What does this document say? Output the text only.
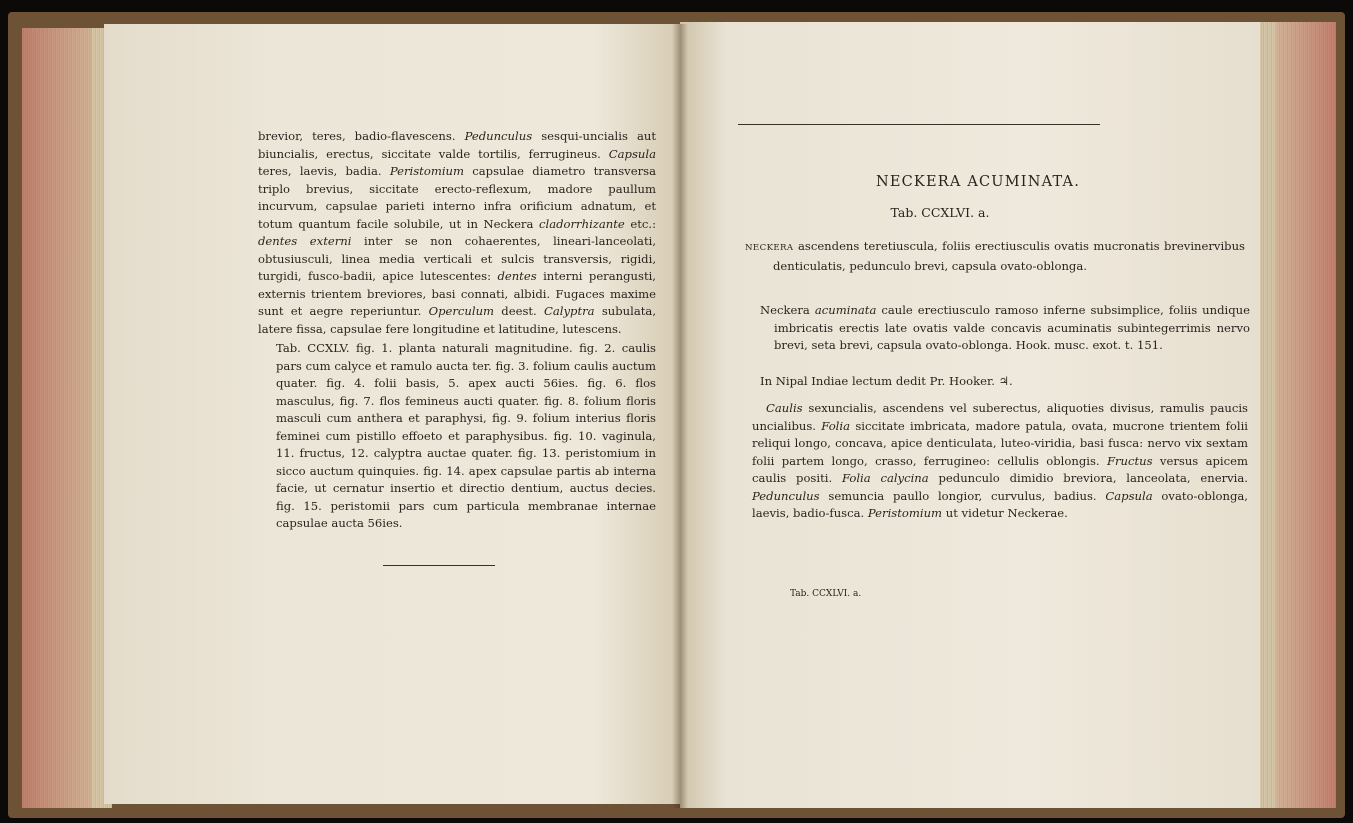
brevior, teres, badio-flavescens. Pedunculus sesqui-uncialis aut biuncialis, erectus, siccitate valde tortilis, ferrugineus. Capsula teres, laevis, badia. Peristomium capsulae diametro transversa triplo brevius, siccitate erecto-reflexum, madore paullum incurvum, capsulae parieti interno infra orificium adnatum, et totum quantum facile solubile, ut in Neckera cladorrhizante etc.: dentes externi inter se non cohaerentes, lineari-lanceolati, obtusiusculi, linea media verticali et sulcis transversis, rigidi, turgidi, fusco-badii, apice lutescentes: dentes interni perangusti, externis trientem breviores, basi connati, albidi. Fugaces maxime sunt et aegre reperiuntur. Operculum deest. Calyptra subulata, latere fissa, capsulae fere longitudine et latitudine, lutescens.

Tab. CCXLV. fig. 1. planta naturali magnitudine. fig. 2. caulis pars cum calyce et ramulo aucta ter. fig. 3. folium caulis auctum quater. fig. 4. folii basis, 5. apex aucti 56ies. fig. 6. flos masculus, fig. 7. flos femineus aucti quater. fig. 8. folium floris masculi cum anthera et paraphysi, fig. 9. folium interius floris feminei cum pistillo effoeto et paraphysibus. fig. 10. vaginula, 11. fructus, 12. calyptra auctae quater. fig. 13. peristomium in sicco auctum quinquies. fig. 14. apex capsulae partis ab interna facie, ut cernatur insertio et directio dentium, auctus decies. fig. 15. peristomii pars cum particula membranae internae capsulae aucta 56ies.

NECKERA ACUMINATA.
Tab. CCXLVI. a.

NECKERA ascendens teretiuscula, foliis erectiusculis ovatis mucronatis brevinervibus denticulatis, pedunculo brevi, capsula ovato-oblonga.

Neckera acuminata caule erectiusculo ramoso inferne subsimplice, foliis undique imbricatis erectis late ovatis valde concavis acuminatis subintegerrimis nervo brevi, seta brevi, capsula ovato-oblonga. Hook. musc. exot. t. 151.

In Nipal Indiae lectum dedit Pr. Hooker. ♃.

Caulis sexuncialis, ascendens vel suberectus, aliquoties divisus, ramulis paucis uncialibus. Folia siccitate imbricata, madore patula, ovata, mucrone trientem folii reliqui longo, concava, apice denticulata, luteo-viridia, basi fusca: nervo vix sextam folii partem longo, crasso, ferrugineo: cellulis oblongis. Fructus versus apicem caulis positi. Folia calycina pedunculo dimidio breviora, lanceolata, enervia. Pedunculus semuncia paullo longior, curvulus, badius. Capsula ovato-oblonga, laevis, badio-fusca. Peristomium ut videtur Neckerae.

Tab. CCXLVI. a.
